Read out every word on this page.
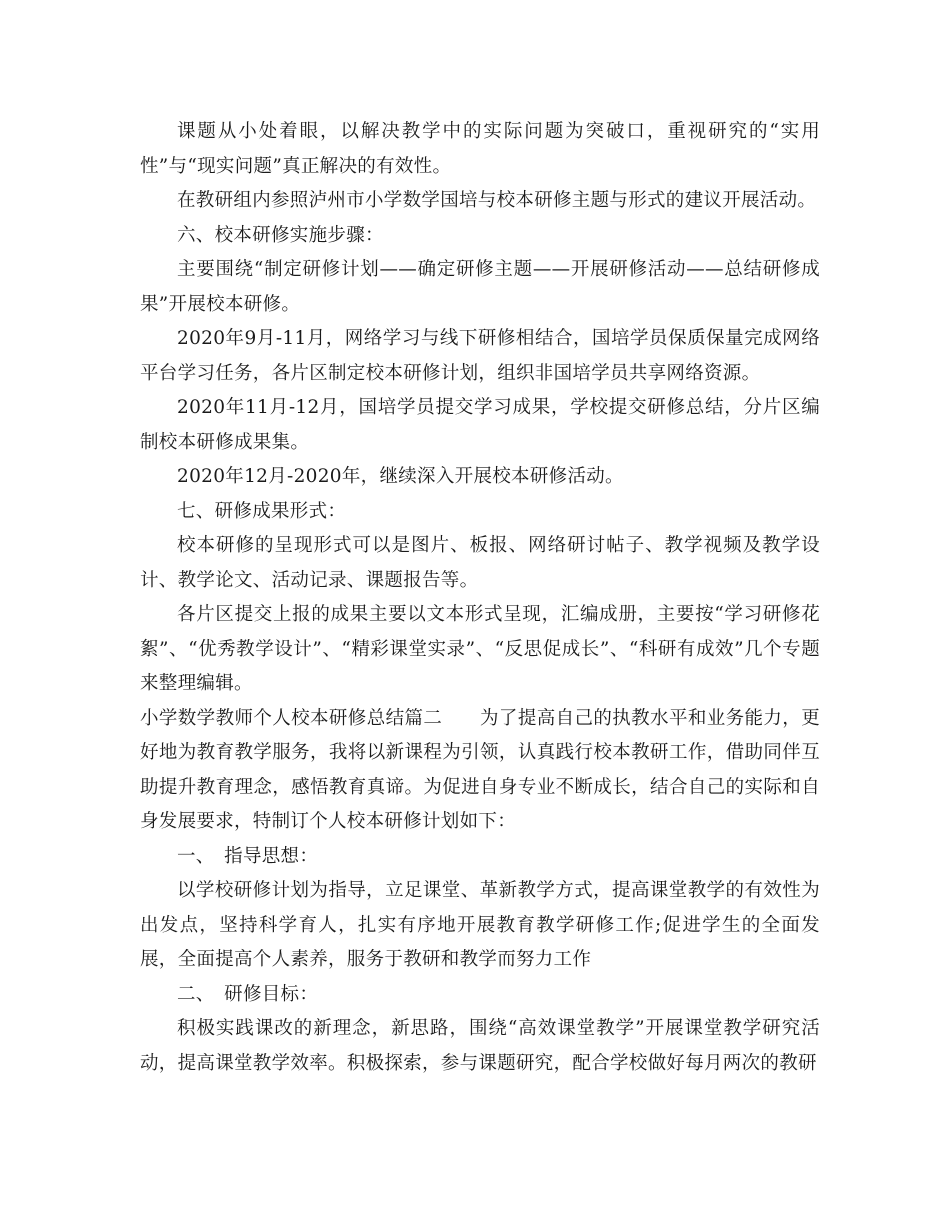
课题从小处着眼，以解决教学中的实际问题为突破口，重视研究的“实用性”与“现实问题”真正解决的有效性。

在教研组内参照泸州市小学数学国培与校本研修主题与形式的建议开展活动。

六、校本研修实施步骤：

主要围绕“制定研修计划——确定研修主题——开展研修活动——总结研修成果”开展校本研修。

2020年9月-11月，网络学习与线下研修相结合，国培学员保质保量完成网络平台学习任务，各片区制定校本研修计划，组织非国培学员共享网络资源。

2020年11月-12月，国培学员提交学习成果，学校提交研修总结，分片区编制校本研修成果集。

2020年12月-2020年，继续深入开展校本研修活动。

七、研修成果形式：

校本研修的呈现形式可以是图片、板报、网络研讨帖子、教学视频及教学设计、教学论文、活动记录、课题报告等。

各片区提交上报的成果主要以文本形式呈现，汇编成册，主要按“学习研修花絮”、“优秀教学设计”、“精彩课堂实录”、“反思促成长”、“科研有成效”几个专题来整理编辑。

小学数学教师个人校本研修总结篇二　　为了提高自己的执教水平和业务能力，更好地为教育教学服务，我将以新课程为引领，认真践行校本教研工作，借助同伴互助提升教育理念，感悟教育真谛。为促进自身专业不断成长，结合自己的实际和自身发展要求，特制订个人校本研修计划如下：

一、　指导思想：

以学校研修计划为指导，立足课堂、革新教学方式，提高课堂教学的有效性为出发点，坚持科学育人，扎实有序地开展教育教学研修工作;促进学生的全面发展，全面提高个人素养，服务于教研和教学而努力工作

二、　研修目标：

积极实践课改的新理念，新思路，围绕“高效课堂教学”开展课堂教学研究活动，提高课堂教学效率。积极探索，参与课题研究，配合学校做好每月两次的教研
